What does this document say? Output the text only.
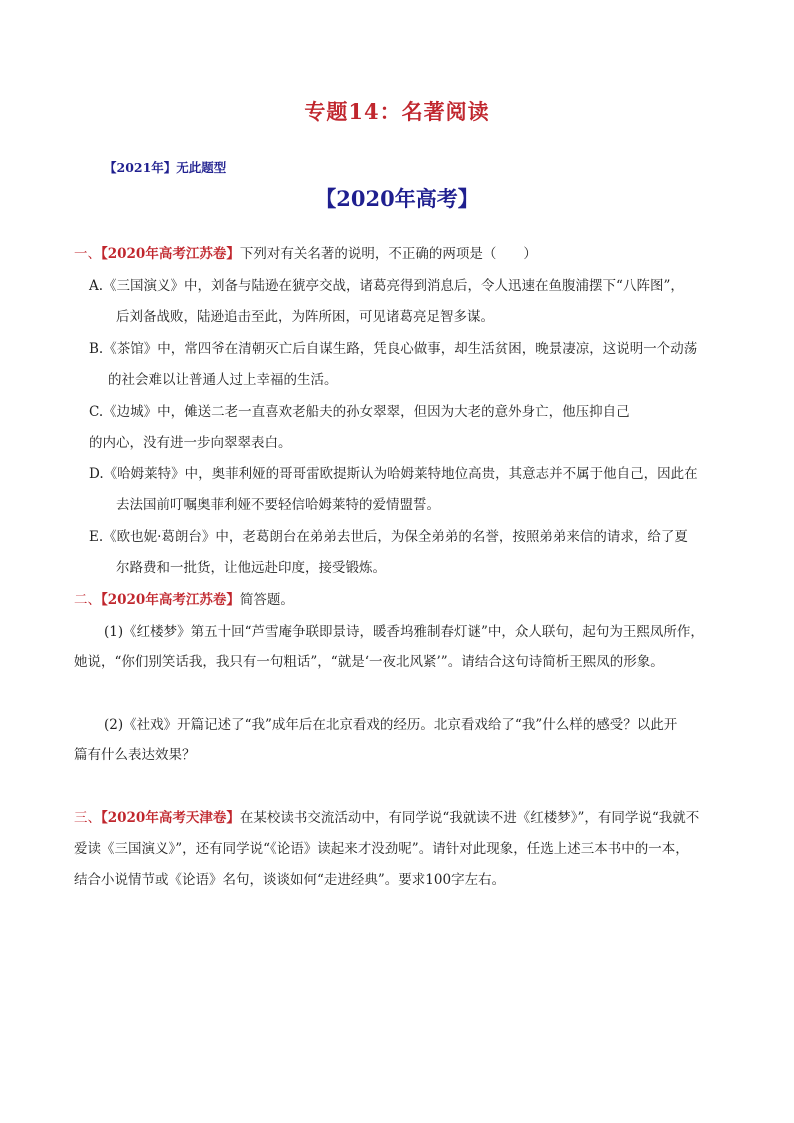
专题14：名著阅读
【2021年】无此题型
【2020年高考】
一、【2020年高考江苏卷】下列对有关名著的说明，不正确的两项是（　　）
A.《三国演义》中，刘备与陆逊在猇亭交战，诸葛亮得到消息后，令人迅速在鱼腹浦摆下“八阵图”，
后刘备战败，陆逊追击至此，为阵所困，可见诸葛亮足智多谋。
B.《茶馆》中，常四爷在清朝灭亡后自谋生路，凭良心做事，却生活贫困，晚景凄凉，这说明一个动荡
的社会难以让普通人过上幸福的生活。
C.《边城》中，傩送二老一直喜欢老船夫的孙女翠翠，但因为大老的意外身亡，他压抑自己
的内心，没有进一步向翠翠表白。
D.《哈姆莱特》中，奥菲利娅的哥哥雷欧提斯认为哈姆莱特地位高贵，其意志并不属于他自己，因此在
去法国前叮嘱奥菲利娅不要轻信哈姆莱特的爱情盟誓。
E.《欧也妮·葛朗台》中，老葛朗台在弟弟去世后，为保全弟弟的名誉，按照弟弟来信的请求，给了夏
尔路费和一批货，让他远赴印度，接受锻炼。
二、【2020年高考江苏卷】简答题。
(1)《红楼梦》第五十回“芦雪庵争联即景诗，暖香坞雅制春灯谜”中，众人联句，起句为王熙凤所作，
她说，“你们别笑话我，我只有一句粗话”，“就是‘一夜北风紧’”。请结合这句诗简析王熙凤的形象。
(2)《社戏》开篇记述了“我”成年后在北京看戏的经历。北京看戏给了“我”什么样的感受？以此开
篇有什么表达效果？
三、【2020年高考天津卷】在某校读书交流活动中，有同学说“我就读不进《红楼梦》”，有同学说“我就不
爱读《三国演义》”，还有同学说“《论语》读起来才没劲呢”。请针对此现象，任选上述三本书中的一本，
结合小说情节或《论语》名句，谈谈如何“走进经典”。要求100字左右。
